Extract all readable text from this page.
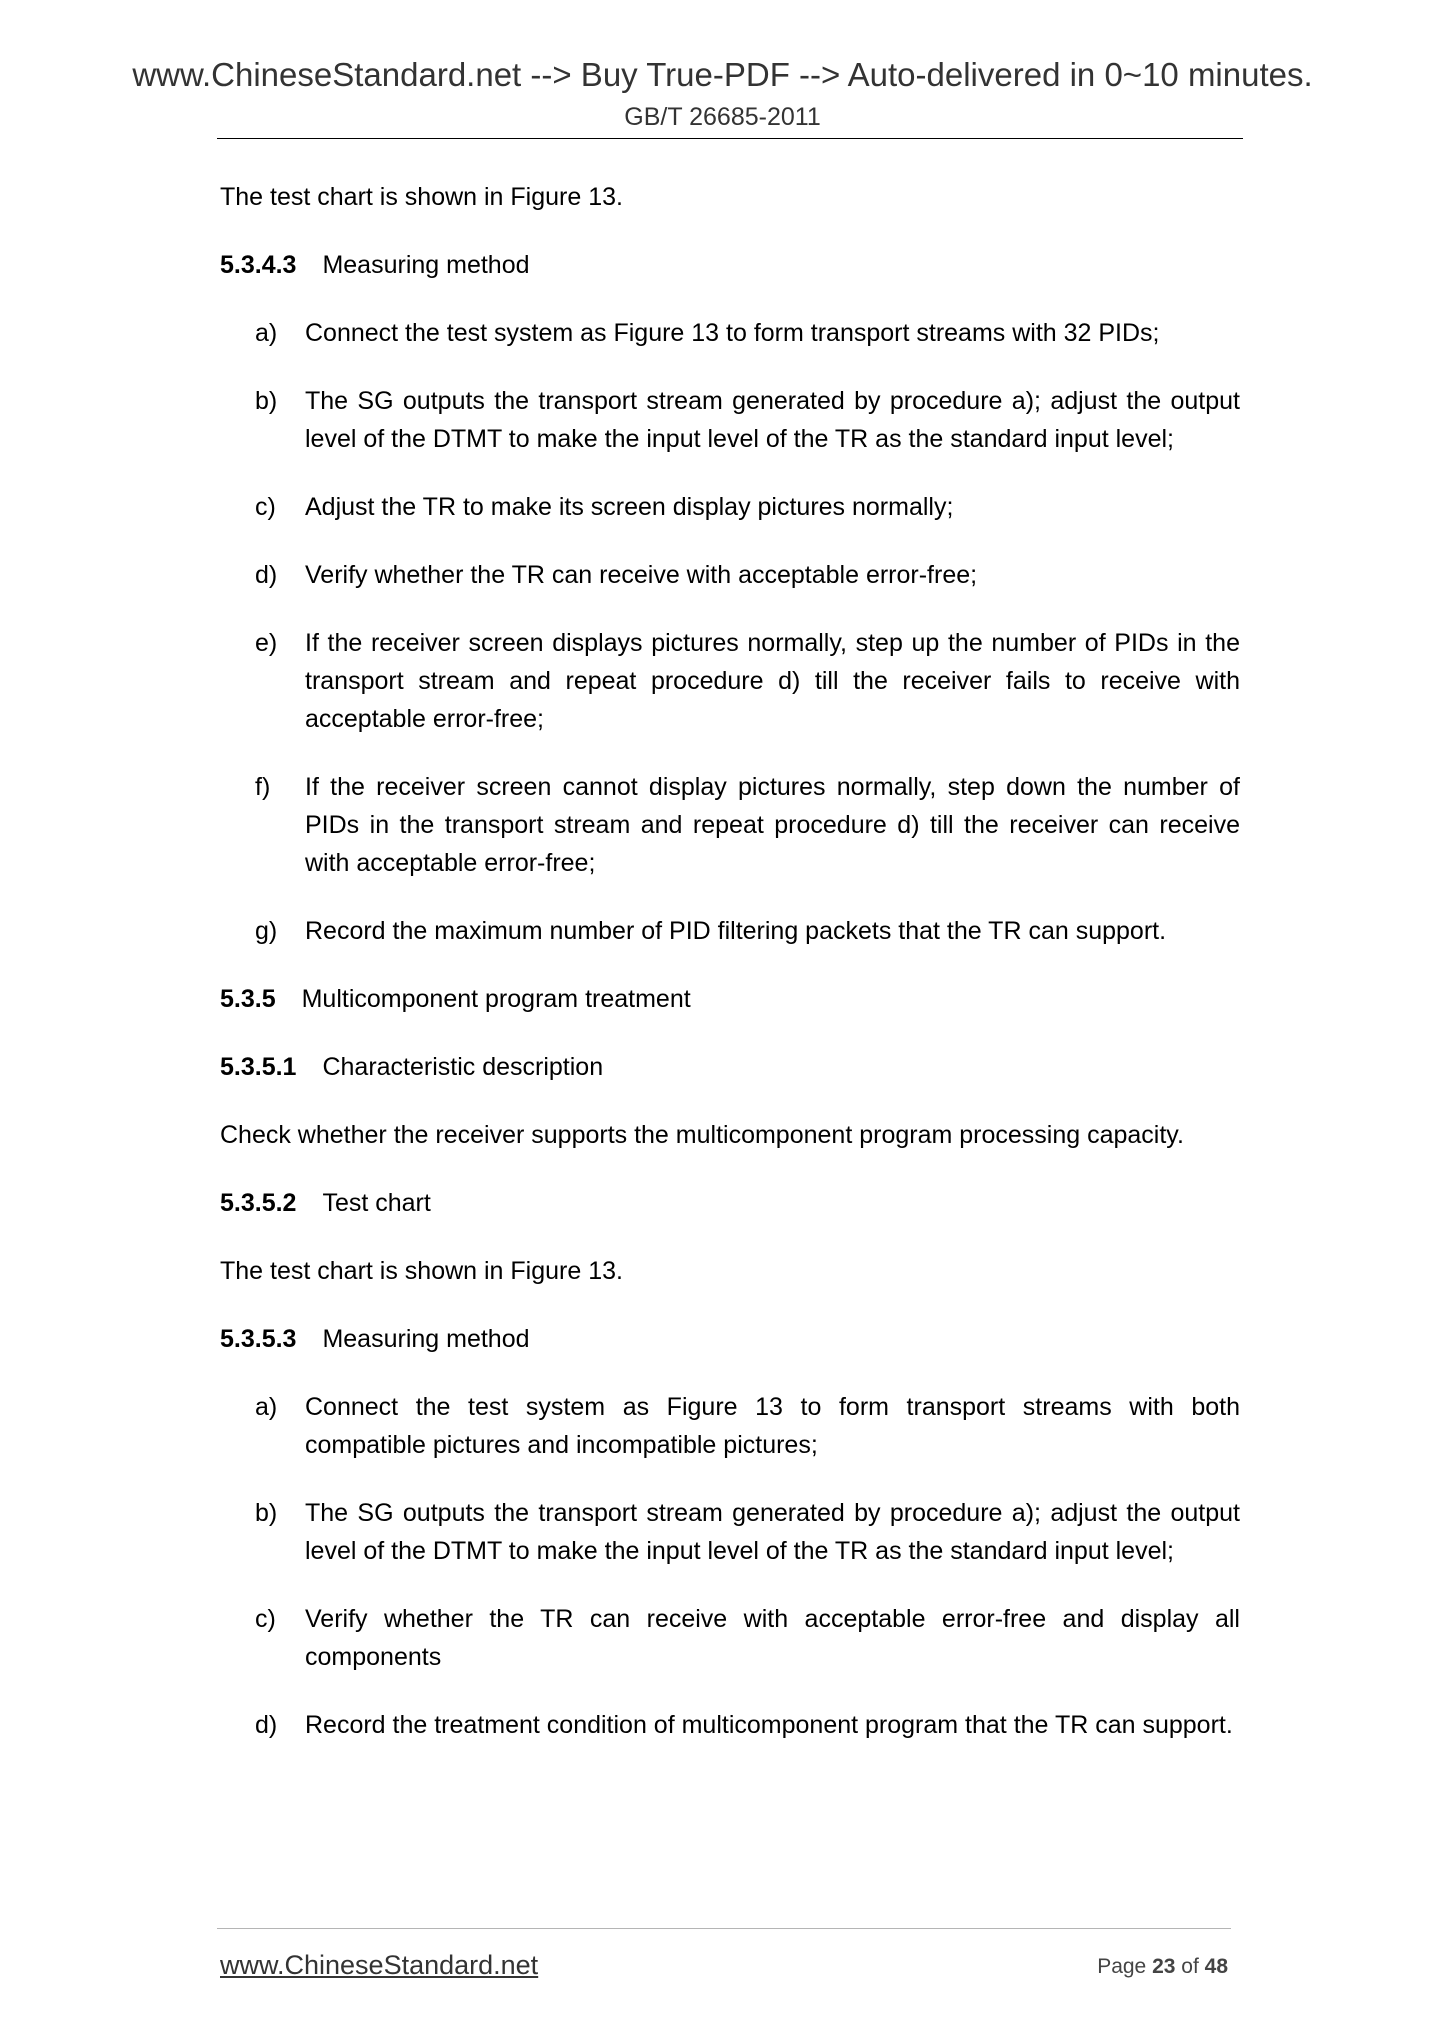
www.ChineseStandard.net --> Buy True-PDF --> Auto-delivered in 0~10 minutes.
GB/T 26685-2011

The test chart is shown in Figure 13.

5.3.4.3 Measuring method
a)	Connect the test system as Figure 13 to form transport streams with 32 PIDs;
b)	The SG outputs the transport stream generated by procedure a); adjust the output level of the DTMT to make the input level of the TR as the standard input level;
c)	Adjust the TR to make its screen display pictures normally;
d)	Verify whether the TR can receive with acceptable error-free;
e)	If the receiver screen displays pictures normally, step up the number of PIDs in the transport stream and repeat procedure d) till the receiver fails to receive with acceptable error-free;
f)	If the receiver screen cannot display pictures normally, step down the number of PIDs in the transport stream and repeat procedure d) till the receiver can receive with acceptable error-free;
g)	Record the maximum number of PID filtering packets that the TR can support.
5.3.5 Multicomponent program treatment
5.3.5.1 Characteristic description

Check whether the receiver supports the multicomponent program processing capacity.

5.3.5.2 Test chart

The test chart is shown in Figure 13.

5.3.5.3 Measuring method
a)	Connect the test system as Figure 13 to form transport streams with both compatible pictures and incompatible pictures;
b)	The SG outputs the transport stream generated by procedure a); adjust the output level of the DTMT to make the input level of the TR as the standard input level;
c)	Verify whether the TR can receive with acceptable error-free and display all components
d)	Record the treatment condition of multicomponent program that the TR can support.
www.ChineseStandard.net	Page 23 of 48
